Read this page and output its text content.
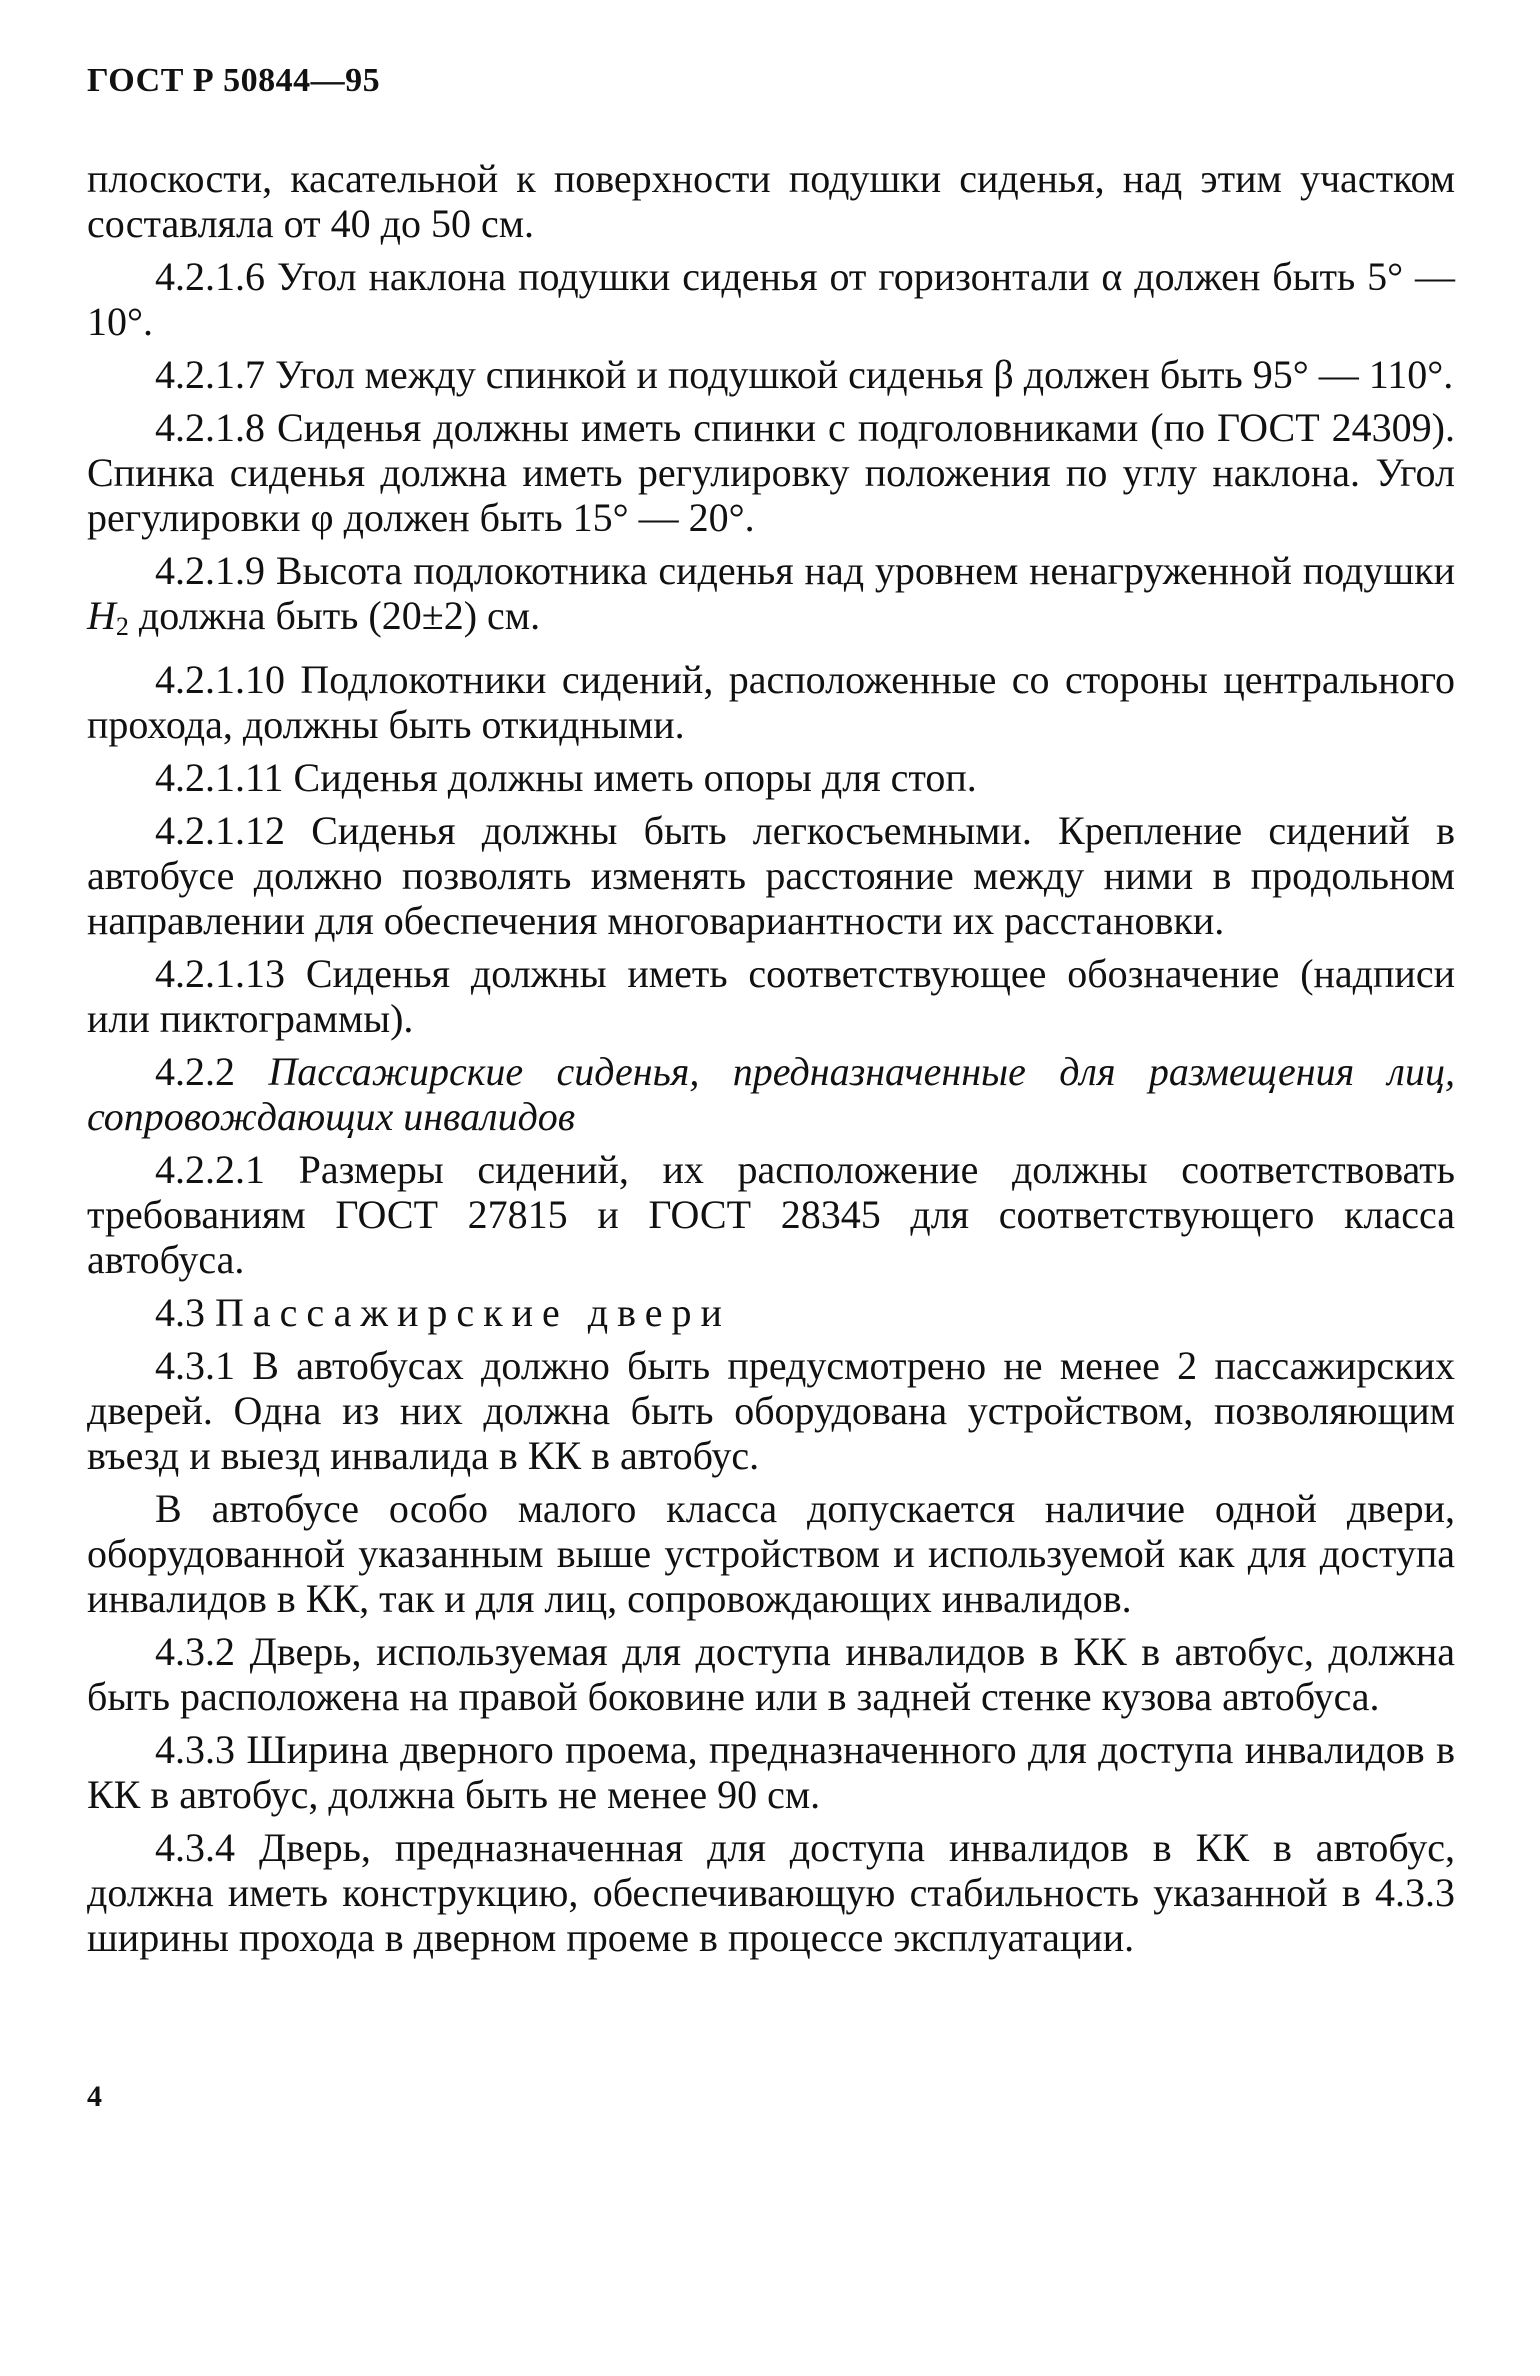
ГОСТ Р 50844—95

плоскости, касательной к поверхности подушки сиденья, над этим участком составляла от 40 до 50 см.

4.2.1.6 Угол наклона подушки сиденья от горизонтали α должен быть 5° — 10°.

4.2.1.7 Угол между спинкой и подушкой сиденья β должен быть 95° — 110°.

4.2.1.8 Сиденья должны иметь спинки с подголовниками (по ГОСТ 24309). Спинка сиденья должна иметь регулировку положения по углу наклона. Угол регулировки φ должен быть 15° — 20°.

4.2.1.9 Высота подлокотника сиденья над уровнем ненагруженной подушки $H_2$ должна быть (20±2) см.

4.2.1.10 Подлокотники сидений, расположенные со стороны центрального прохода, должны быть откидными.

4.2.1.11 Сиденья должны иметь опоры для стоп.

4.2.1.12 Сиденья должны быть легкосъемными. Крепление сидений в автобусе должно позволять изменять расстояние между ними в продольном направлении для обеспечения многовариантности их расстановки.

4.2.1.13 Сиденья должны иметь соответствующее обозначение (надписи или пиктограммы).

4.2.2 Пассажирские сиденья, предназначенные для размещения лиц, сопровождающих инвалидов

4.2.2.1 Размеры сидений, их расположение должны соответствовать требованиям ГОСТ 27815 и ГОСТ 28345 для соответствующего класса автобуса.

4.3 Пассажирские двери

4.3.1 В автобусах должно быть предусмотрено не менее 2 пассажирских дверей. Одна из них должна быть оборудована устройством, позволяющим въезд и выезд инвалида в КК в автобус.

В автобусе особо малого класса допускается наличие одной двери, оборудованной указанным выше устройством и используемой как для доступа инвалидов в КК, так и для лиц, сопровождающих инвалидов.

4.3.2 Дверь, используемая для доступа инвалидов в КК в автобус, должна быть расположена на правой боковине или в задней стенке кузова автобуса.

4.3.3 Ширина дверного проема, предназначенного для доступа инвалидов в КК в автобус, должна быть не менее 90 см.

4.3.4 Дверь, предназначенная для доступа инвалидов в КК в автобус, должна иметь конструкцию, обеспечивающую стабильность указанной в 4.3.3 ширины прохода в дверном проеме в процессе эксплуатации.

4
